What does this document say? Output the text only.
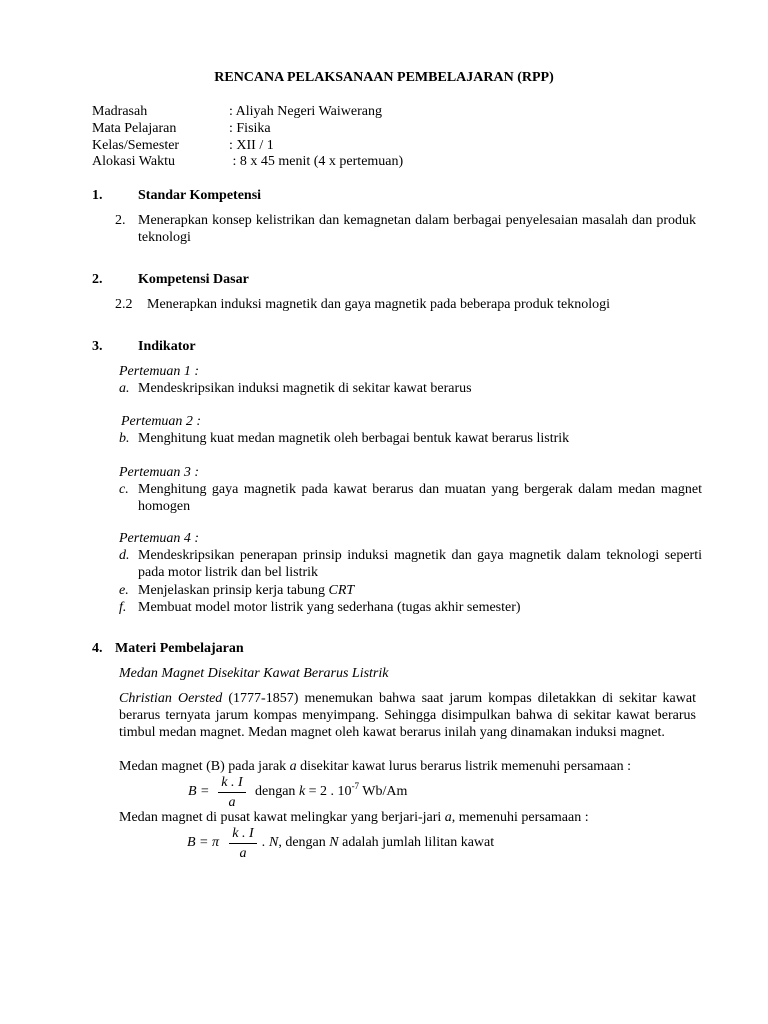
RENCANA PELAKSANAAN PEMBELAJARAN (RPP)
Madrasah	: Aliyah Negeri Waiwerang
Mata Pelajaran	: Fisika
Kelas/Semester	: XII / 1
Alokasi Waktu	: 8 x 45 menit (4 x pertemuan)
1.	Standar Kompetensi
2. Menerapkan konsep kelistrikan dan kemagnetan dalam berbagai penyelesaian masalah dan produk teknologi
2.	Kompetensi Dasar
2.2 Menerapkan induksi magnetik dan gaya magnetik pada beberapa produk teknologi
3.	Indikator
Pertemuan 1 :
a. Mendeskripsikan induksi magnetik di sekitar kawat berarus
Pertemuan 2 :
b. Menghitung kuat medan magnetik oleh berbagai bentuk kawat berarus listrik
Pertemuan 3 :
c. Menghitung gaya magnetik pada kawat berarus dan muatan yang bergerak dalam medan magnet homogen
Pertemuan 4 :
d. Mendeskripsikan penerapan prinsip induksi magnetik dan gaya magnetik dalam teknologi seperti pada motor listrik dan bel listrik
e. Menjelaskan prinsip kerja tabung CRT
f. Membuat model motor listrik yang sederhana (tugas akhir semester)
4. Materi Pembelajaran
Medan Magnet Disekitar Kawat Berarus Listrik
Christian Oersted (1777-1857) menemukan bahwa saat jarum kompas diletakkan di sekitar kawat berarus ternyata jarum kompas menyimpang. Sehingga disimpulkan bahwa di sekitar kawat berarus timbul medan magnet. Medan magnet oleh kawat berarus inilah yang dinamakan induksi magnet.
Medan magnet (B) pada jarak a disekitar kawat lurus berarus listrik memenuhi persamaan :
B =
k . I
a
dengan k = 2 . $10^{-7}$ Wb/Am
Medan magnet di pusat kawat melingkar yang berjari-jari a, memenuhi persamaan :
B = π
k . I
a
. N, dengan N adalah jumlah lilitan kawat
